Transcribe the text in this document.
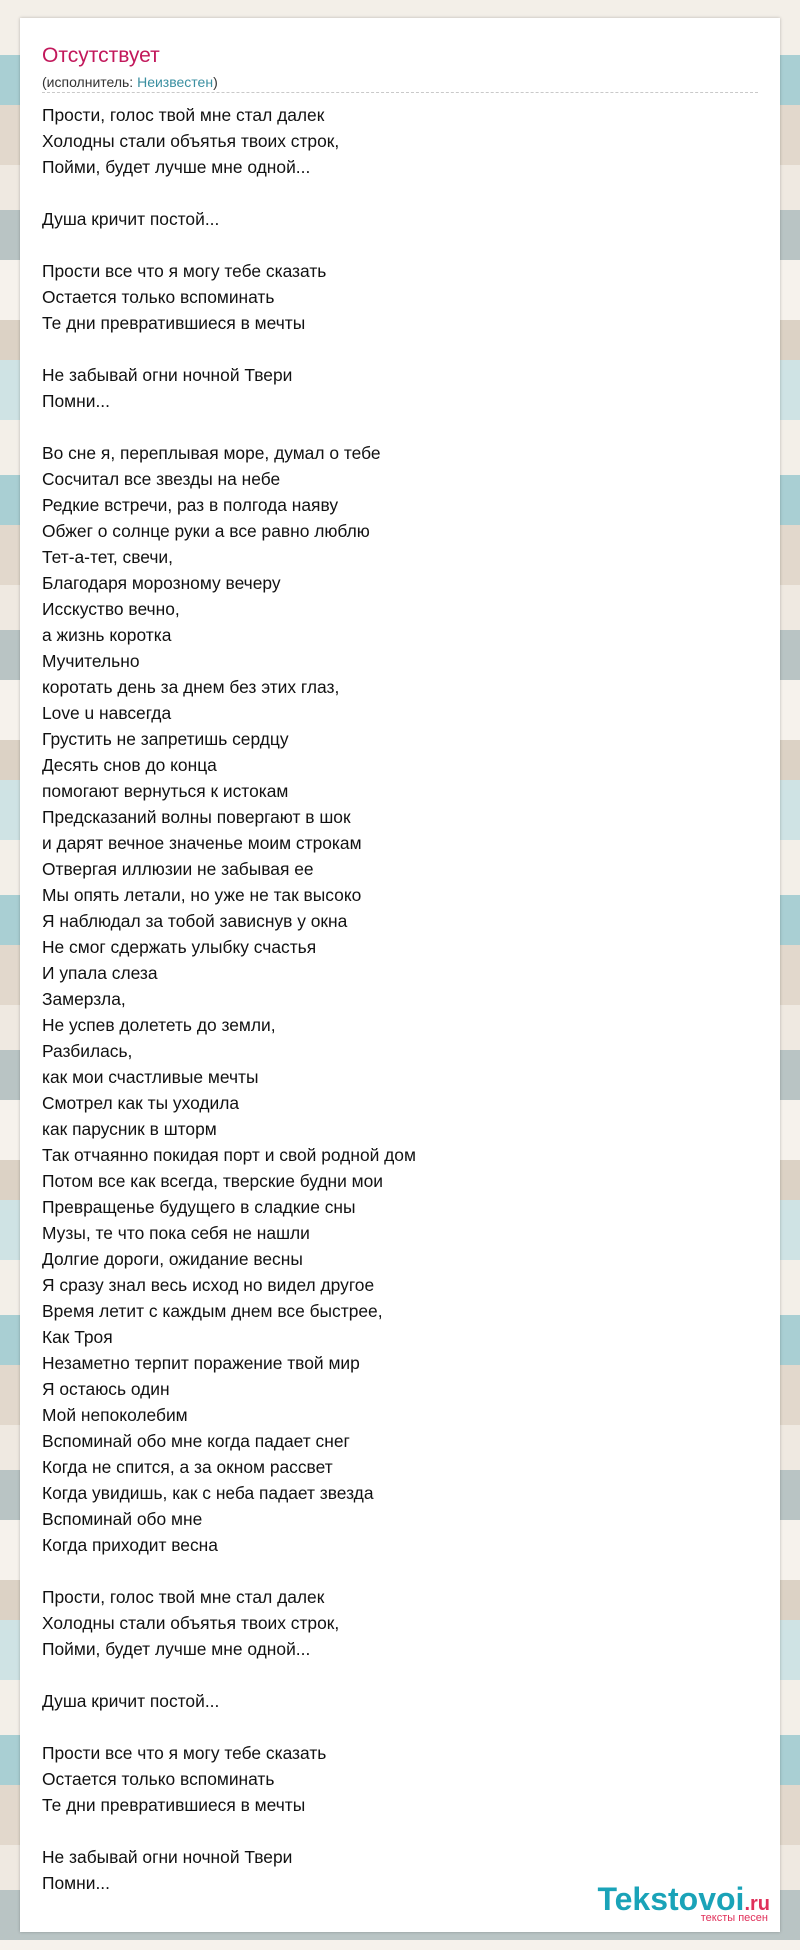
Отсутствует
(исполнитель: Неизвестен)
Прости, голос твой мне стал далек
Холодны стали объятья твоих строк,
Пойми, будет лучше мне одной...
Душа кричит постой...
Прости все что я могу тебе сказать
Остается только вспоминать
Те дни превратившиеся в мечты
Не забывай огни ночной Твери
Помни...
Во сне я, переплывая море, думал о тебе
Сосчитал все звезды на небе
Редкие встречи, раз в полгода наяву
Обжег о солнце руки а все равно люблю
Тет-а-тет, свечи,
Благодаря морозному вечеру
Исскуство вечно,
а жизнь коротка
Мучительно
коротать день за днем без этих глаз,
Love u навсегда
Грустить не запретишь сердцу
Десять снов до конца
помогают вернуться к истокам
Предсказаний волны повергают в шок
и дарят вечное значенье моим строкам
Отвергая иллюзии не забывая ее
Мы опять летали, но уже не так высоко
Я наблюдал за тобой зависнув у окна
Не смог сдержать улыбку счастья
И упала слеза
Замерзла,
Не успев долететь до земли,
Разбилась,
как мои счастливые мечты
Смотрел как ты уходила
как парусник в шторм
Так отчаянно покидая порт и свой родной дом
Потом все как всегда, тверские будни мои
Превращенье будущего в сладкие сны
Музы, те что пока себя не нашли
Долгие дороги, ожидание весны
Я сразу знал весь исход но видел другое
Время летит с каждым днем все быстрее,
Как Троя
Незаметно терпит поражение твой мир
Я остаюсь один
Мой непоколебим
Вспоминай обо мне когда падает снег
Когда не спится, а за окном рассвет
Когда увидишь, как с неба падает звезда
Вспоминай обо мне
Когда приходит весна
Прости, голос твой мне стал далек
Холодны стали объятья твоих строк,
Пойми, будет лучше мне одной...
Душа кричит постой...
Прости все что я могу тебе сказать
Остается только вспоминать
Те дни превратившиеся в мечты
Не забывай огни ночной Твери
Помни...	Tekstovoi.ru
тексты песен
